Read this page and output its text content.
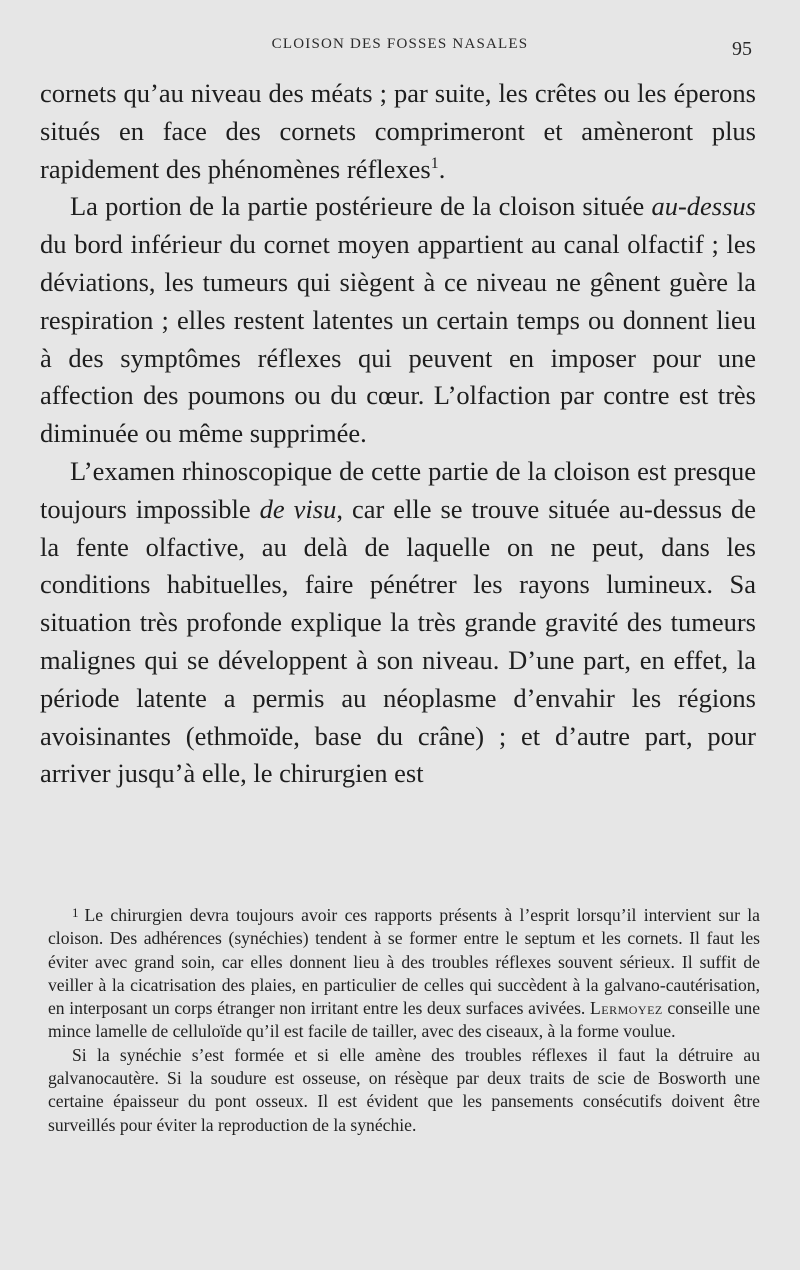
CLOISON DES FOSSES NASALES	95

cornets qu’au niveau des méats ; par suite, les crêtes ou les éperons situés en face des cornets comprimeront et amèneront plus rapidement des phénomènes réflexes$^1$.

La portion de la partie postérieure de la cloison située au-dessus du bord inférieur du cornet moyen appartient au canal olfactif ; les déviations, les tumeurs qui siègent à ce niveau ne gênent guère la respiration ; elles restent latentes un certain temps ou donnent lieu à des symptômes réflexes qui peuvent en imposer pour une affection des poumons ou du cœur. L’olfaction par contre est très diminuée ou même supprimée.

L’examen rhinoscopique de cette partie de la cloison est presque toujours impossible de visu, car elle se trouve située au-dessus de la fente olfactive, au delà de laquelle on ne peut, dans les conditions habituelles, faire pénétrer les rayons lumineux. Sa situation très profonde explique la très grande gravité des tumeurs malignes qui se développent à son niveau. D’une part, en effet, la période latente a permis au néoplasme d’envahir les régions avoisinantes (ethmoïde, base du crâne) ; et d’autre part, pour arriver jusqu’à elle, le chirurgien est

$^1$ Le chirurgien devra toujours avoir ces rapports présents à l’esprit lorsqu’il intervient sur la cloison. Des adhérences (synéchies) tendent à se former entre le septum et les cornets. Il faut les éviter avec grand soin, car elles donnent lieu à des troubles réflexes souvent sérieux. Il suffit de veiller à la cicatrisation des plaies, en particulier de celles qui succèdent à la galvano-cautérisation, en interposant un corps étranger non irritant entre les deux surfaces avivées. Lermoyez conseille une mince lamelle de celluloïde qu’il est facile de tailler, avec des ciseaux, à la forme voulue.

Si la synéchie s’est formée et si elle amène des troubles réflexes il faut la détruire au galvanocautère. Si la soudure est osseuse, on résèque par deux traits de scie de Bosworth une certaine épaisseur du pont osseux. Il est évident que les pansements consécutifs doivent être surveillés pour éviter la reproduction de la synéchie.
